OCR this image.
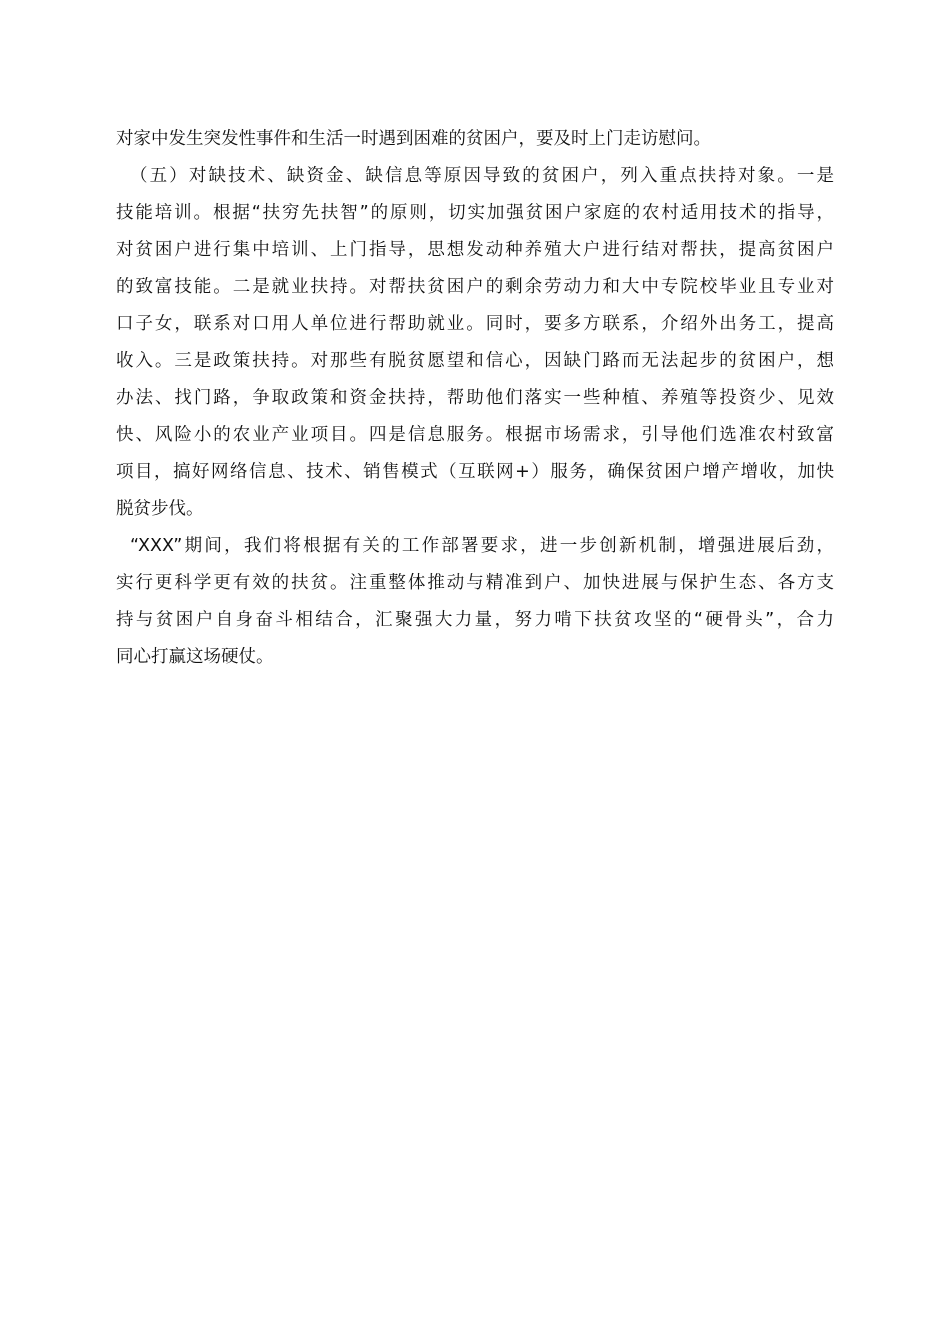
对家中发生突发性事件和生活一时遇到困难的贫困户，要及时上门走访慰问。
（五）对缺技术、缺资金、缺信息等原因导致的贫困户，列入重点扶持对象。一是
技能培训。根据“扶穷先扶智”的原则，切实加强贫困户家庭的农村适用技术的指导，
对贫困户进行集中培训、上门指导，思想发动种养殖大户进行结对帮扶，提高贫困户
的致富技能。二是就业扶持。对帮扶贫困户的剩余劳动力和大中专院校毕业且专业对
口子女，联系对口用人单位进行帮助就业。同时，要多方联系，介绍外出务工，提高
收入。三是政策扶持。对那些有脱贫愿望和信心，因缺门路而无法起步的贫困户，想
办法、找门路，争取政策和资金扶持，帮助他们落实一些种植、养殖等投资少、见效
快、风险小的农业产业项目。四是信息服务。根据市场需求，引导他们选准农村致富
项目，搞好网络信息、技术、销售模式（互联网+）服务，确保贫困户增产增收，加快
脱贫步伐。
“XXX”期间，我们将根据有关的工作部署要求，进一步创新机制，增强进展后劲，
实行更科学更有效的扶贫。注重整体推动与精准到户、加快进展与保护生态、各方支
持与贫困户自身奋斗相结合，汇聚强大力量，努力啃下扶贫攻坚的“硬骨头”，合力
同心打赢这场硬仗。
